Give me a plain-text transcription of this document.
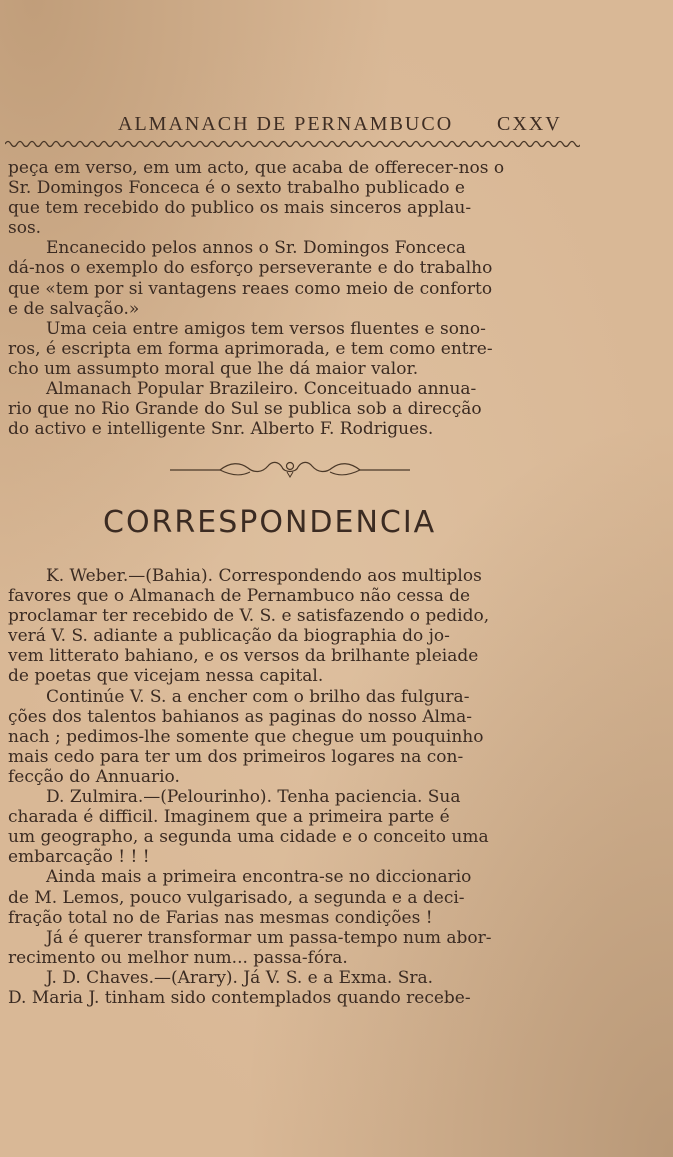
ALMANACH DE PERNAMBUCO CXXV
peça em verso, em um acto, que acaba de offerecer-nos o
Sr. Domingos Fonceca é o sexto trabalho publicado e
que tem recebido do publico os mais sinceros applau-
sos.
Encanecido pelos annos o Sr. Domingos Fonceca
dá-nos o exemplo do esforço perseverante e do trabalho
que «tem por si vantagens reaes como meio de conforto
e de salvação.»
Uma ceia entre amigos tem versos fluentes e sono-
ros, é escripta em forma aprimorada, e tem como entre-
cho um assumpto moral que lhe dá maior valor.
Almanach Popular Brazileiro. Conceituado annua-
rio que no Rio Grande do Sul se publica sob a direcção
do activo e intelligente Snr. Alberto F. Rodrigues.
CORRESPONDENCIA
K. Weber.—(Bahia). Correspondendo aos multiplos
favores que o Almanach de Pernambuco não cessa de
proclamar ter recebido de V. S. e satisfazendo o pedido,
verá V. S. adiante a publicação da biographia do jo-
vem litterato bahiano, e os versos da brilhante pleiade
de poetas que vicejam nessa capital.
Continúe V. S. a encher com o brilho das fulgura-
ções dos talentos bahianos as paginas do nosso Alma-
nach ; pedimos-lhe somente que chegue um pouquinho
mais cedo para ter um dos primeiros logares na con-
fecção do Annuario.
D. Zulmira.—(Pelourinho). Tenha paciencia. Sua
charada é difficil. Imaginem que a primeira parte é
um geographo, a segunda uma cidade e o conceito uma
embarcação ! ! !
Ainda mais a primeira encontra-se no diccionario
de M. Lemos, pouco vulgarisado, a segunda e a deci-
fração total no de Farias nas mesmas condições !
Já é querer transformar um passa-tempo num abor-
recimento ou melhor num... passa-fóra.
J. D. Chaves.—(Arary). Já V. S. e a Exma. Sra.
D. Maria J. tinham sido contemplados quando recebe-
